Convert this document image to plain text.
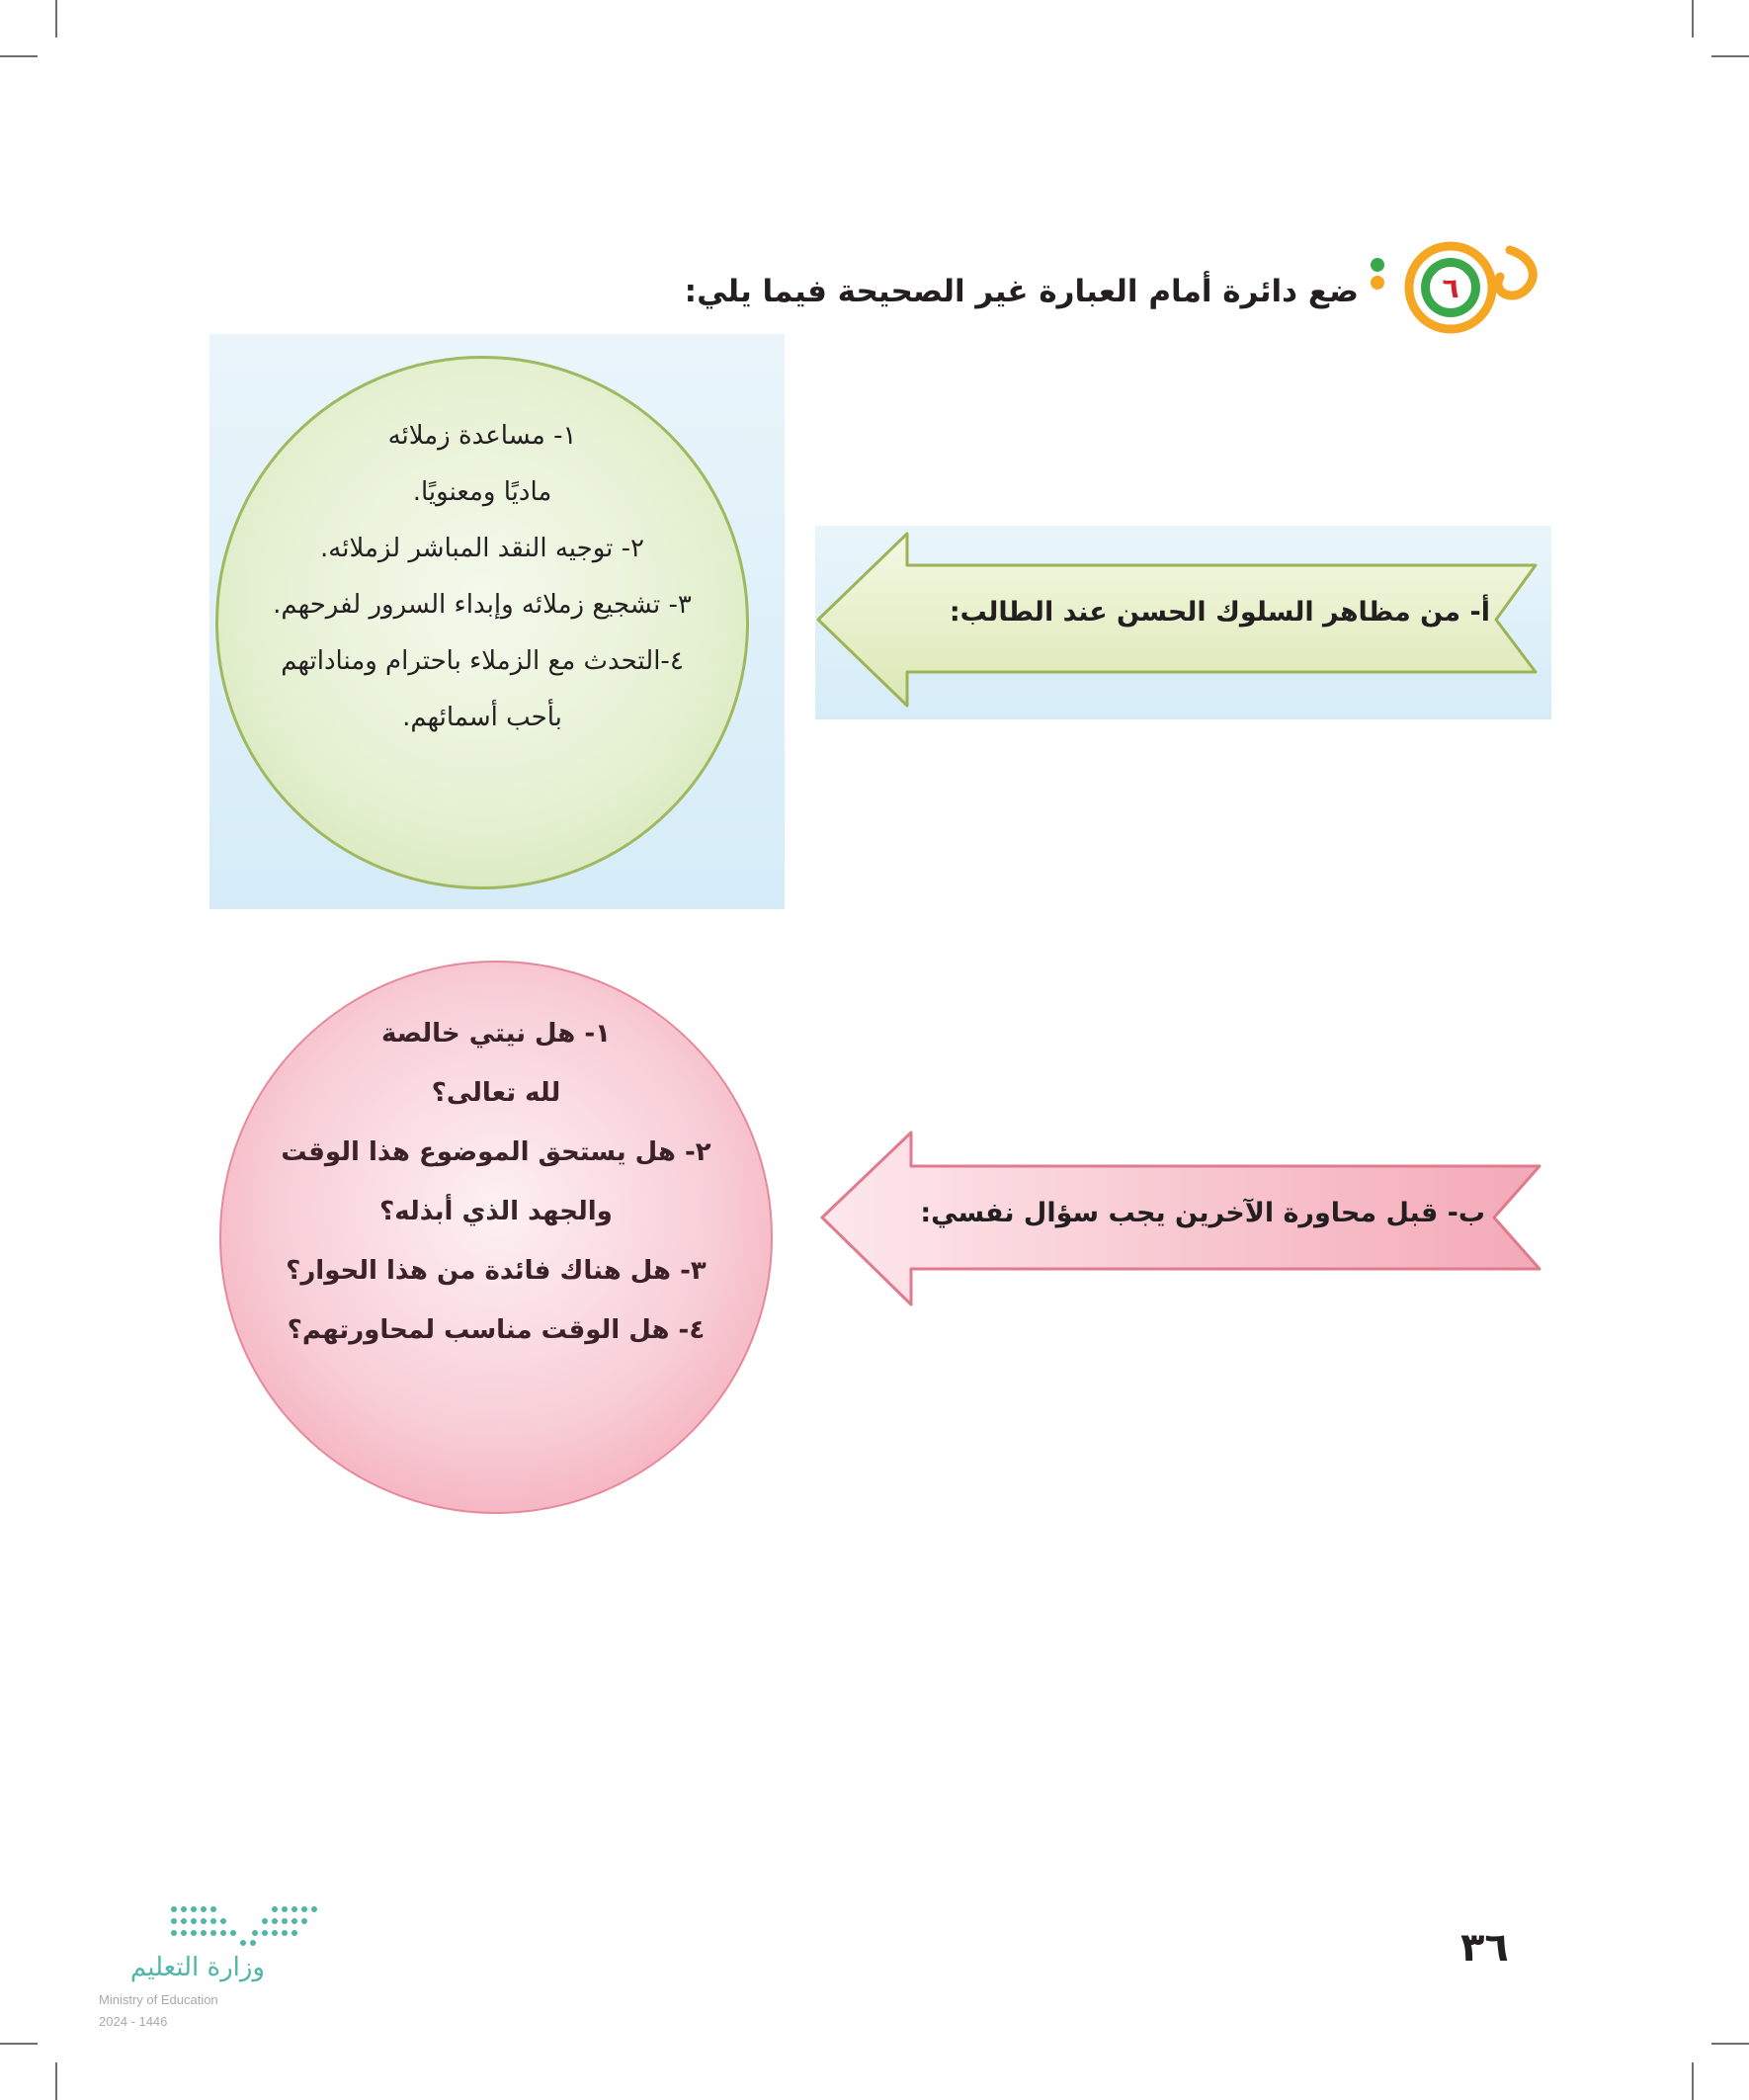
٦
ضع دائرة أمام العبارة غير الصحيحة فيما يلي:
١- مساعدة زملائه
ماديًا ومعنويًا.
٢- توجيه النقد المباشر لزملائه.
٣- تشجيع زملائه وإبداء السرور لفرحهم.
٤-التحدث مع الزملاء باحترام ومناداتهم
بأحب أسمائهم.
أ- من مظاهر السلوك الحسن عند الطالب:
١- هل نيتي خالصة
لله تعالى؟
٢- هل يستحق الموضوع هذا الوقت
والجهد الذي أبذله؟
٣- هل هناك فائدة من هذا الحوار؟
٤- هل الوقت مناسب لمحاورتهم؟
ب- قبل محاورة الآخرين يجب سؤال نفسي:
٣٦
وزارة التعليم
Ministry of Education
2024 - 1446
